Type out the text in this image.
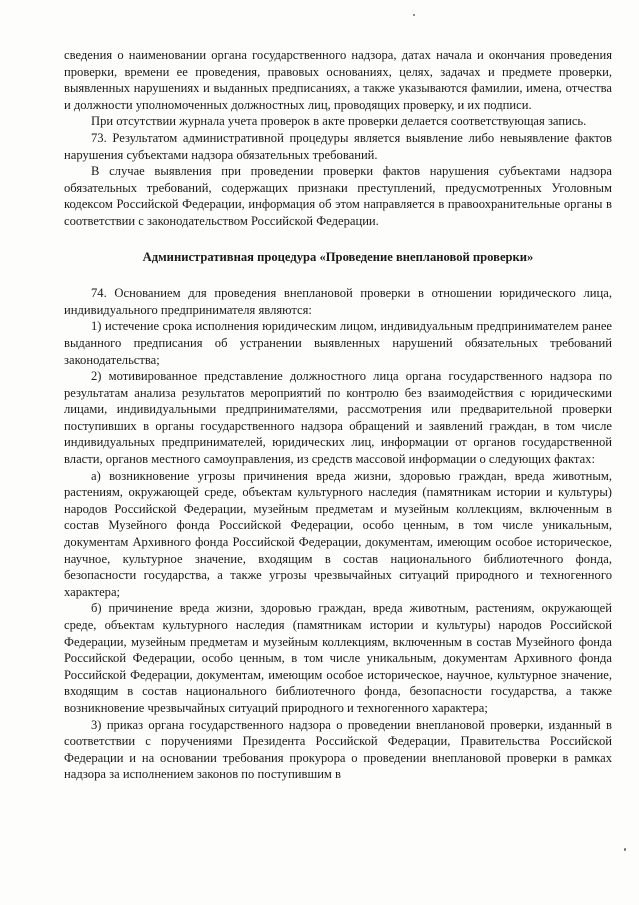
сведения о наименовании органа государственного надзора, датах начала и окончания проведения проверки, времени ее проведения, правовых основаниях, целях, задачах и предмете проверки, выявленных нарушениях и выданных предписаниях, а также указываются фамилии, имена, отчества и должности уполномоченных должностных лиц, проводящих проверку, и их подписи.

При отсутствии журнала учета проверок в акте проверки делается соответствующая запись.

73. Результатом административной процедуры является выявление либо невыявление фактов нарушения субъектами надзора обязательных требований.

В случае выявления при проведении проверки фактов нарушения субъектами надзора обязательных требований, содержащих признаки преступлений, предусмотренных Уголовным кодексом Российской Федерации, информация об этом направляется в правоохранительные органы в соответствии с законодательством Российской Федерации.

Административная процедура «Проведение внеплановой проверки»

74. Основанием для проведения внеплановой проверки в отношении юридического лица, индивидуального предпринимателя являются:

1) истечение срока исполнения юридическим лицом, индивидуальным предпринимателем ранее выданного предписания об устранении выявленных нарушений обязательных требований законодательства;

2) мотивированное представление должностного лица органа государственного надзора по результатам анализа результатов мероприятий по контролю без взаимодействия с юридическими лицами, индивидуальными предпринимателями, рассмотрения или предварительной проверки поступивших в органы государственного надзора обращений и заявлений граждан, в том числе индивидуальных предпринимателей, юридических лиц, информации от органов государственной власти, органов местного самоуправления, из средств массовой информации о следующих фактах:

а) возникновение угрозы причинения вреда жизни, здоровью граждан, вреда животным, растениям, окружающей среде, объектам культурного наследия (памятникам истории и культуры) народов Российской Федерации, музейным предметам и музейным коллекциям, включенным в состав Музейного фонда Российской Федерации, особо ценным, в том числе уникальным, документам Архивного фонда Российской Федерации, документам, имеющим особое историческое, научное, культурное значение, входящим в состав национального библиотечного фонда, безопасности государства, а также угрозы чрезвычайных ситуаций природного и техногенного характера;

б) причинение вреда жизни, здоровью граждан, вреда животным, растениям, окружающей среде, объектам культурного наследия (памятникам истории и культуры) народов Российской Федерации, музейным предметам и музейным коллекциям, включенным в состав Музейного фонда Российской Федерации, особо ценным, в том числе уникальным, документам Архивного фонда Российской Федерации, документам, имеющим особое историческое, научное, культурное значение, входящим в состав национального библиотечного фонда, безопасности государства, а также возникновение чрезвычайных ситуаций природного и техногенного характера;

3) приказ органа государственного надзора о проведении внеплановой проверки, изданный в соответствии с поручениями Президента Российской Федерации, Правительства Российской Федерации и на основании требования прокурора о проведении внеплановой проверки в рамках надзора за исполнением законов по поступившим в
